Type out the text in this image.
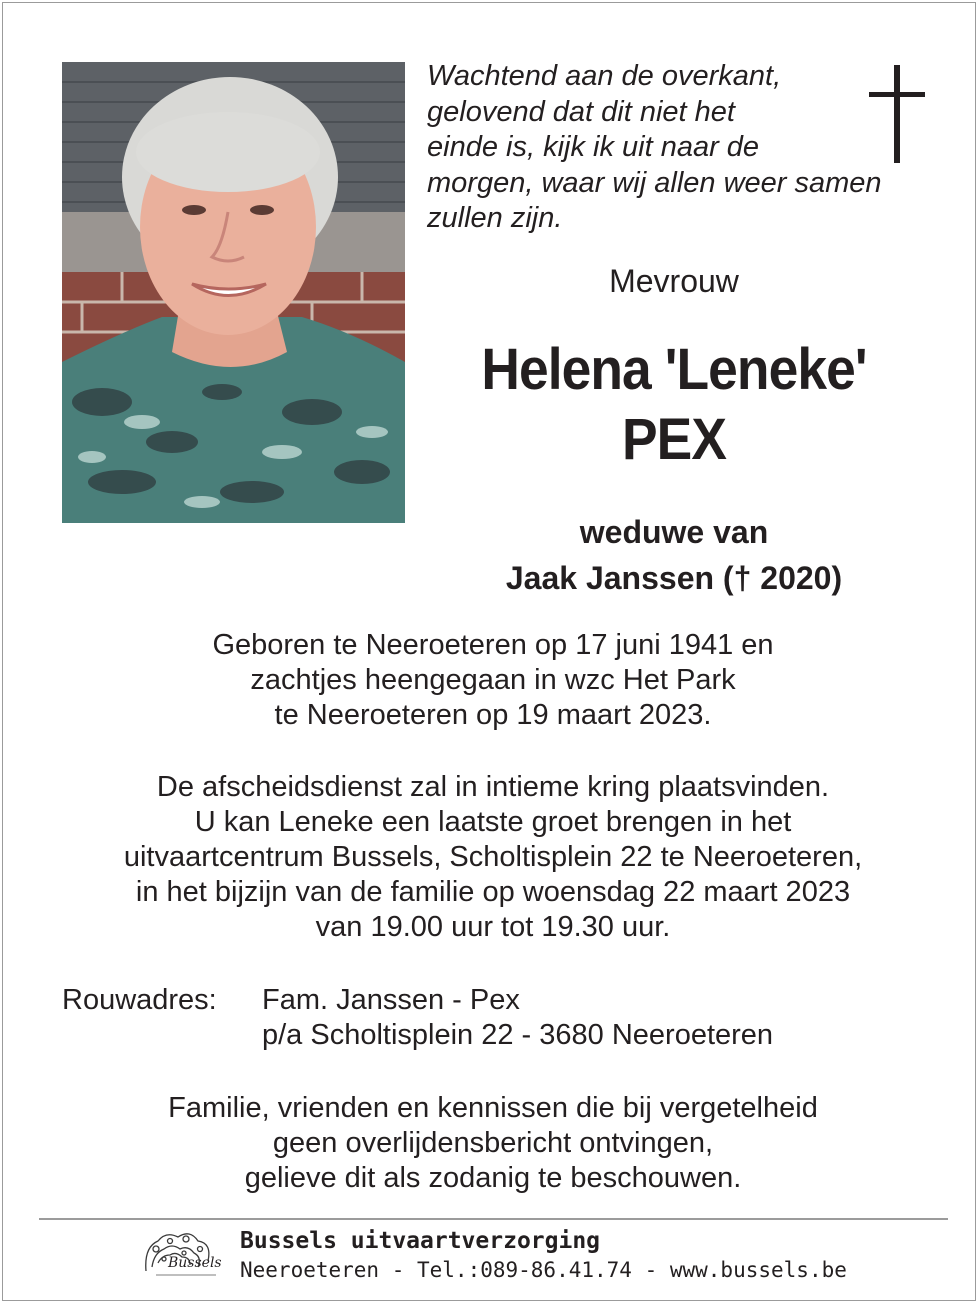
Wachtend aan de overkant,
gelovend dat dit niet het
einde is, kijk ik uit naar de
morgen, waar wij allen weer samen
zullen zijn.
Mevrouw
Helena 'Leneke'
PEX
weduwe van
Jaak Janssen († 2020)
Geboren te Neeroeteren op 17 juni 1941 en
zachtjes heengegaan in wzc Het Park
te Neeroeteren op 19 maart 2023.
De afscheidsdienst zal in intieme kring plaatsvinden.
U kan Leneke een laatste groet brengen in het
uitvaartcentrum Bussels, Scholtisplein 22 te Neeroeteren,
in het bijzijn van de familie op woensdag 22 maart 2023
van 19.00 uur tot 19.30 uur.
Rouwadres: Fam. Janssen - Pex
p/a Scholtisplein 22 - 3680 Neeroeteren
Familie, vrienden en kennissen die bij vergetelheid
geen overlijdensbericht ontvingen,
gelieve dit als zodanig te beschouwen.
Bussels
Bussels uitvaartverzorging
Neeroeteren - Tel.:089-86.41.74 - www.bussels.be
